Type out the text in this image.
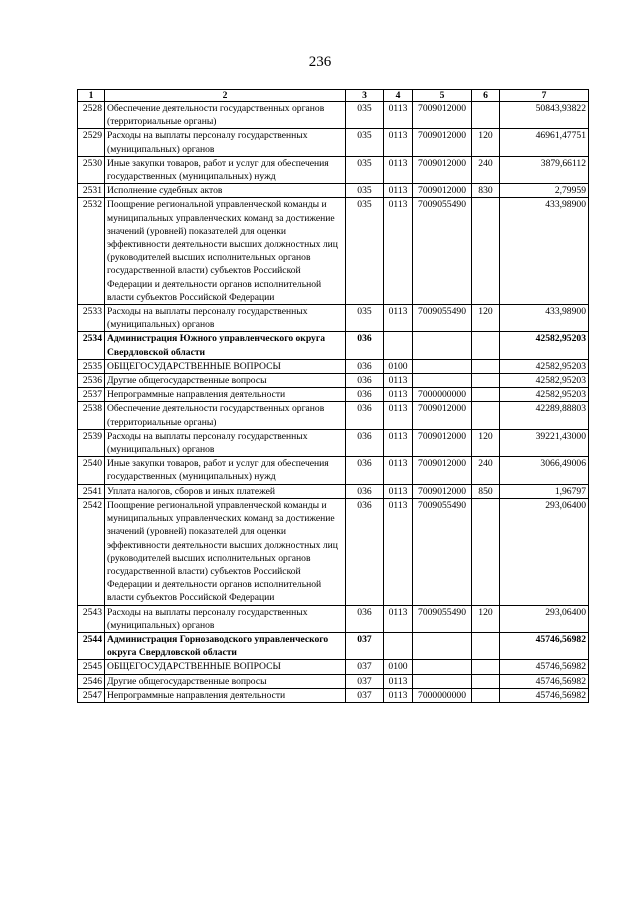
236
1	2	3	4	5	6	7
2528	Обеспечение деятельности государственных органов (территориальные органы)	035	0113	7009012000		50843,93822
2529	Расходы на выплаты персоналу государственных (муниципальных) органов	035	0113	7009012000	120	46961,47751
2530	Иные закупки товаров, работ и услуг для обеспечения государственных (муниципальных) нужд	035	0113	7009012000	240	3879,66112
2531	Исполнение судебных актов	035	0113	7009012000	830	2,79959
2532	Поощрение региональной управленческой команды и муниципальных управленческих команд за достижение значений (уровней) показателей для оценки эффективности деятельности высших должностных лиц (руководителей высших исполнительных органов государственной власти) субъектов Российской Федерации и деятельности органов исполнительной власти субъектов Российской Федерации	035	0113	7009055490		433,98900
2533	Расходы на выплаты персоналу государственных (муниципальных) органов	035	0113	7009055490	120	433,98900
2534	Администрация Южного управленческого округа Свердловской области	036				42582,95203
2535	ОБЩЕГОСУДАРСТВЕННЫЕ ВОПРОСЫ	036	0100			42582,95203
2536	Другие общегосударственные вопросы	036	0113			42582,95203
2537	Непрограммные направления деятельности	036	0113	7000000000		42582,95203
2538	Обеспечение деятельности государственных органов (территориальные органы)	036	0113	7009012000		42289,88803
2539	Расходы на выплаты персоналу государственных (муниципальных) органов	036	0113	7009012000	120	39221,43000
2540	Иные закупки товаров, работ и услуг для обеспечения государственных (муниципальных) нужд	036	0113	7009012000	240	3066,49006
2541	Уплата налогов, сборов и иных платежей	036	0113	7009012000	850	1,96797
2542	Поощрение региональной управленческой команды и муниципальных управленческих команд за достижение значений (уровней) показателей для оценки эффективности деятельности высших должностных лиц (руководителей высших исполнительных органов государственной власти) субъектов Российской Федерации и деятельности органов исполнительной власти субъектов Российской Федерации	036	0113	7009055490		293,06400
2543	Расходы на выплаты персоналу государственных (муниципальных) органов	036	0113	7009055490	120	293,06400
2544	Администрация Горнозаводского управленческого округа Свердловской области	037				45746,56982
2545	ОБЩЕГОСУДАРСТВЕННЫЕ ВОПРОСЫ	037	0100			45746,56982
2546	Другие общегосударственные вопросы	037	0113			45746,56982
2547	Непрограммные направления деятельности	037	0113	7000000000		45746,56982
